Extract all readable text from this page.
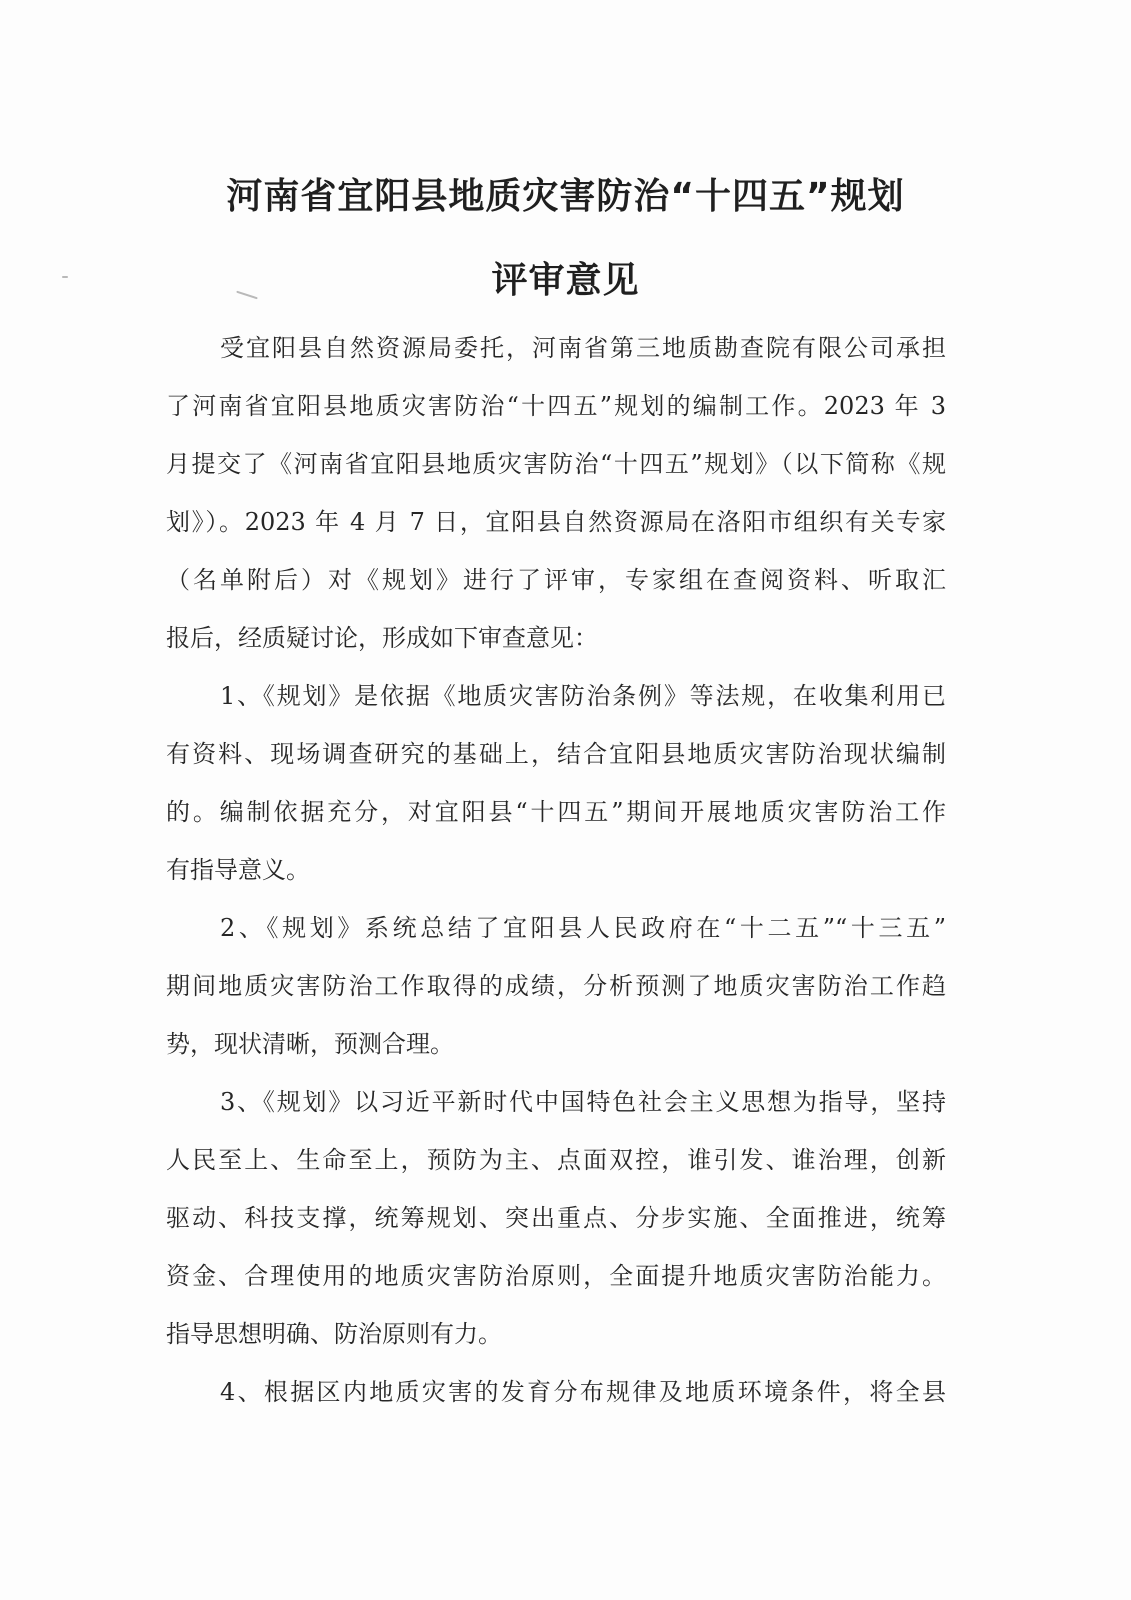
河南省宜阳县地质灾害防治“十四五”规划
评审意见
受宜阳县自然资源局委托，河南省第三地质勘查院有限公司承担
了河南省宜阳县地质灾害防治“十四五”规划的编制工作。2023 年 3
月提交了《河南省宜阳县地质灾害防治“十四五”规划》（以下简称《规
划》）。2023 年 4 月 7 日，宜阳县自然资源局在洛阳市组织有关专家
（名单附后）对《规划》进行了评审，专家组在查阅资料、听取汇
报后，经质疑讨论，形成如下审查意见：
1、《规划》是依据《地质灾害防治条例》等法规，在收集利用已
有资料、现场调查研究的基础上，结合宜阳县地质灾害防治现状编制
的。编制依据充分，对宜阳县“十四五”期间开展地质灾害防治工作
有指导意义。
2、《规划》系统总结了宜阳县人民政府在“十二五”“十三五”
期间地质灾害防治工作取得的成绩，分析预测了地质灾害防治工作趋
势，现状清晰，预测合理。
3、《规划》以习近平新时代中国特色社会主义思想为指导，坚持
人民至上、生命至上，预防为主、点面双控，谁引发、谁治理，创新
驱动、科技支撑，统筹规划、突出重点、分步实施、全面推进，统筹
资金、合理使用的地质灾害防治原则，全面提升地质灾害防治能力。
指导思想明确、防治原则有力。
4、根据区内地质灾害的发育分布规律及地质环境条件，将全县
